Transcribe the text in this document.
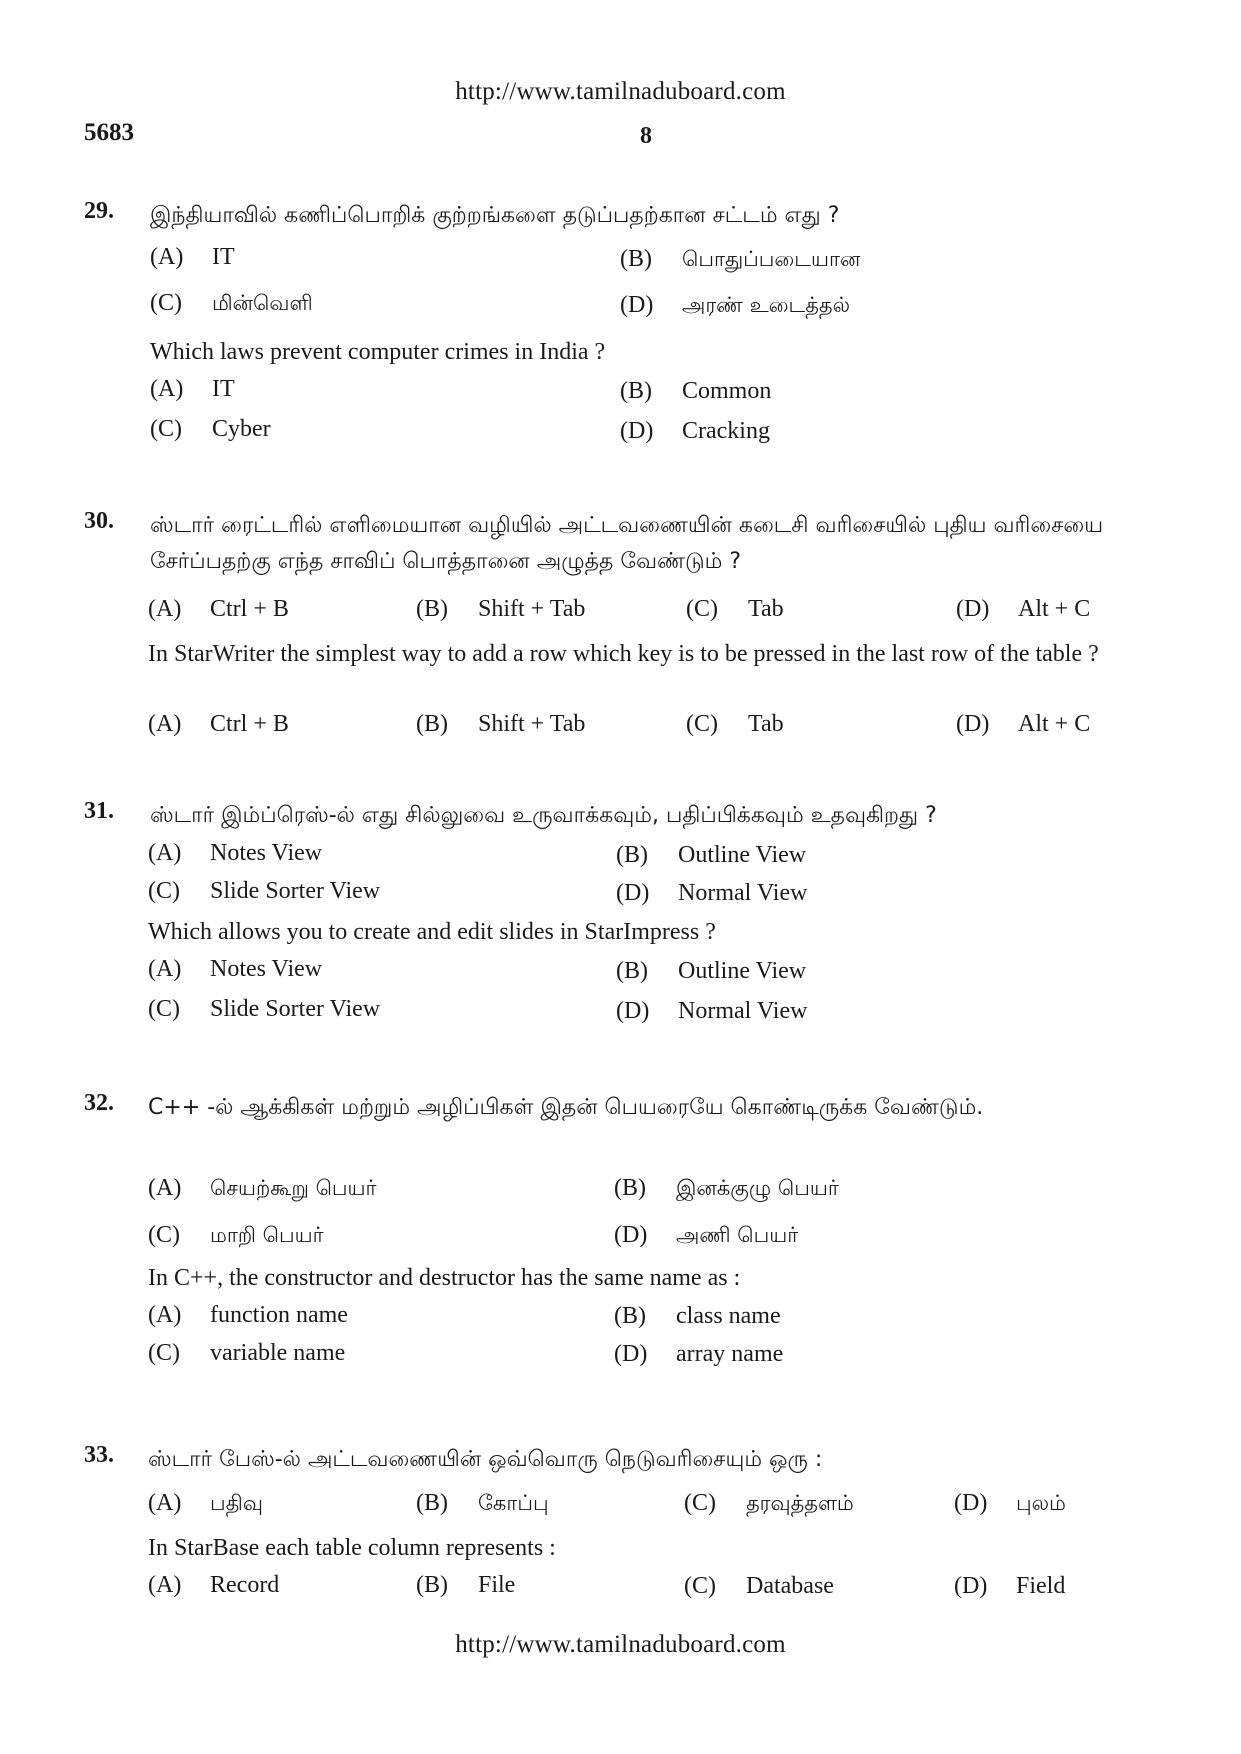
http://www.tamilnaduboard.com
5683	8
29. இந்தியாவில் கணிப்பொறிக் குற்றங்களை தடுப்பதற்கான சட்டம் எது ?
(A) IT	(B) பொதுப்படையான
(C) மின்வெளி	(D) அரண் உடைத்தல்
Which laws prevent computer crimes in India ?
(A) IT	(B) Common
(C) Cyber	(D) Cracking
30. ஸ்டார் ரைட்டரில் எளிமையான வழியில் அட்டவணையின் கடைசி வரிசையில் புதிய வரிசையை சேர்ப்பதற்கு எந்த சாவிப் பொத்தானை அழுத்த வேண்டும் ?
(A) Ctrl + B	(B) Shift + Tab	(C) Tab	(D) Alt + C
In StarWriter the simplest way to add a row which key is to be pressed in the last row of the table ?
(A) Ctrl + B	(B) Shift + Tab	(C) Tab	(D) Alt + C
31. ஸ்டார் இம்ப்ரெஸ்-ல் எது சில்லுவை உருவாக்கவும், பதிப்பிக்கவும் உதவுகிறது ?
(A) Notes View	(B) Outline View
(C) Slide Sorter View	(D) Normal View
Which allows you to create and edit slides in StarImpress ?
(A) Notes View	(B) Outline View
(C) Slide Sorter View	(D) Normal View
32. C++ -ல் ஆக்கிகள் மற்றும் அழிப்பிகள் இதன் பெயரையே கொண்டிருக்க வேண்டும்.
(A) செயற்கூறு பெயர்	(B) இனக்குழு பெயர்
(C) மாறி பெயர்	(D) அணி பெயர்
In C++, the constructor and destructor has the same name as :
(A) function name	(B) class name
(C) variable name	(D) array name
33. ஸ்டார் பேஸ்-ல் அட்டவணையின் ஒவ்வொரு நெடுவரிசையும் ஒரு :
(A) பதிவு	(B) கோப்பு	(C) தரவுத்தளம்	(D) புலம்
In StarBase each table column represents :
(A) Record	(B) File	(C) Database	(D) Field
http://www.tamilnaduboard.com
